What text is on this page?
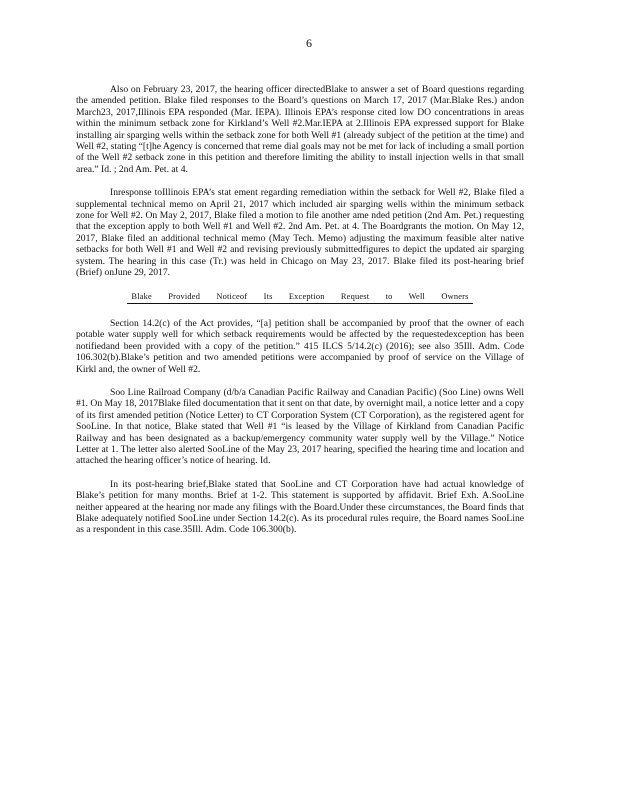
6

Also on February 23, 2017, the hearing officer directedBlake to answer a set of Board questions regarding the amended petition. Blake filed responses to the Board’s questions on March 17, 2017 (Mar.Blake Res.) andon March23, 2017,Illinois EPA responded (Mar. IEPA). Illinois EPA’s response cited low DO concentrations in areas within the minimum setback zone for Kirkland’s Well #2.Mar.IEPA at 2.Illinois EPA expressed support for Blake installing air sparging wells within the setback zone for both Well #1 (already subject of the petition at the time) and Well #2, stating “[t]he Agency is concerned that reme dial goals may not be met for lack of including a small portion of the Well #2 setback zone in this petition and therefore limiting the ability to install injection wells in that small area.” Id. ; 2nd Am. Pet. at 4.

Inresponse toIllinois EPA’s stat ement regarding remediation within the setback for Well #2, Blake filed a supplemental technical memo on April 21, 2017 which included air sparging wells within the minimum setback zone for Well #2. On May 2, 2017, Blake filed a motion to file another ame nded petition (2nd Am. Pet.) requesting that the exception apply to both Well #1 and Well #2. 2nd Am. Pet. at 4. The Boardgrants the motion. On May 12, 2017, Blake filed an additional technical memo (May Tech. Memo) adjusting the maximum feasible alter native setbacks for both Well #1 and Well #2 and revising previously submittedfigures to depict the updated air sparging system. The hearing in this case (Tr.) was held in Chicago on May 23, 2017. Blake filed its post-hearing brief (Brief) onJune 29, 2017.

Blake Provided Noticeof Its Exception Request to Well Owners

Section 14.2(c) of the Act provides, “[a] petition shall be accompanied by proof that the owner of each potable water supply well for which setback requirements would be affected by the requestedexception has been notifiedand been provided with a copy of the petition.” 415 ILCS 5/14.2(c) (2016); see also 35Ill. Adm. Code 106.302(b).Blake’s petition and two amended petitions were accompanied by proof of service on the Village of Kirkl and, the owner of Well #2.

Soo Line Railroad Company (d/b/a Canadian Pacific Railway and Canadian Pacific) (Soo Line) owns Well #1. On May 18, 2017Blake filed documentation that it sent on that date, by overnight mail, a notice letter and a copy of its first amended petition (Notice Letter) to CT Corporation System (CT Corporation), as the registered agent for SooLine. In that notice, Blake stated that Well #1 “is leased by the Village of Kirkland from Canadian Pacific Railway and has been designated as a backup/emergency community water supply well by the Village.” Notice Letter at 1. The letter also alerted SooLine of the May 23, 2017 hearing, specified the hearing time and location and attached the hearing officer’s notice of hearing. Id.

In its post-hearing brief,Blake stated that SooLine and CT Corporation have had actual knowledge of Blake’s petition for many months. Brief at 1-2. This statement is supported by affidavit. Brief Exh. A.SooLine neither appeared at the hearing nor made any filings with the Board.Under these circumstances, the Board finds that Blake adequately notified SooLine under Section 14.2(c). As its procedural rules require, the Board names SooLine as a respondent in this case.35Ill. Adm. Code 106.300(b).
